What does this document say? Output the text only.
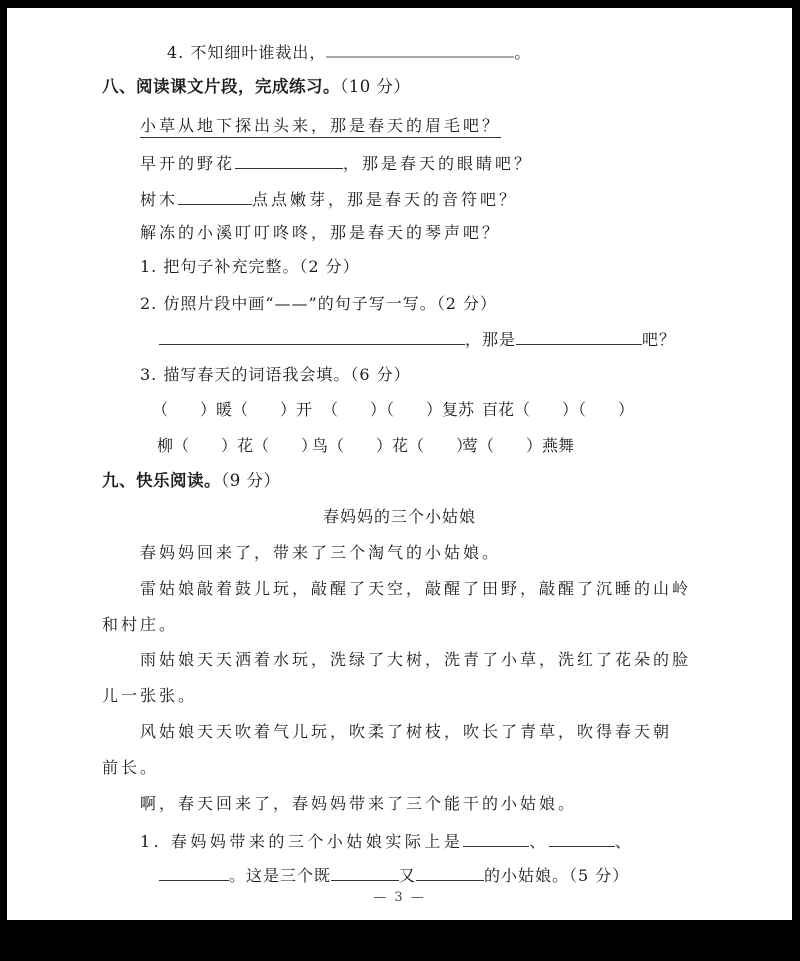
4. 不知细叶谁裁出，	。
八、阅读课文片段，完成练习。（10 分）
小草从地下探出头来，那是春天的眉毛吧？
早开的野花	，那是春天的眼睛吧？
树木	点点嫩芽，那是春天的音符吧？
解冻的小溪叮叮咚咚，那是春天的琴声吧？
1. 把句子补充完整。（2 分）
2. 仿照片段中画“——”的句子写一写。（2 分）
，那是	吧？
3. 描写春天的词语我会填。（6 分）
（　　）暖（　　）开 （　　）（　　）复苏 百花（　　）（　　）
柳（　　）花（　　）鸟（　　）花（　　）莺（　　）燕舞
九、快乐阅读。（9 分）
春妈妈的三个小姑娘
春妈妈回来了，带来了三个淘气的小姑娘。
雷姑娘敲着鼓儿玩，敲醒了天空，敲醒了田野，敲醒了沉睡的山岭
和村庄。
雨姑娘天天洒着水玩，洗绿了大树，洗青了小草，洗红了花朵的脸
儿一张张。
风姑娘天天吹着气儿玩，吹柔了树枝，吹长了青草，吹得春天朝
前长。
啊，春天回来了，春妈妈带来了三个能干的小姑娘。
1. 春妈妈带来的三个小姑娘实际上是	、	、
。这是三个既	又	的小姑娘。（5 分）
— 3 —
